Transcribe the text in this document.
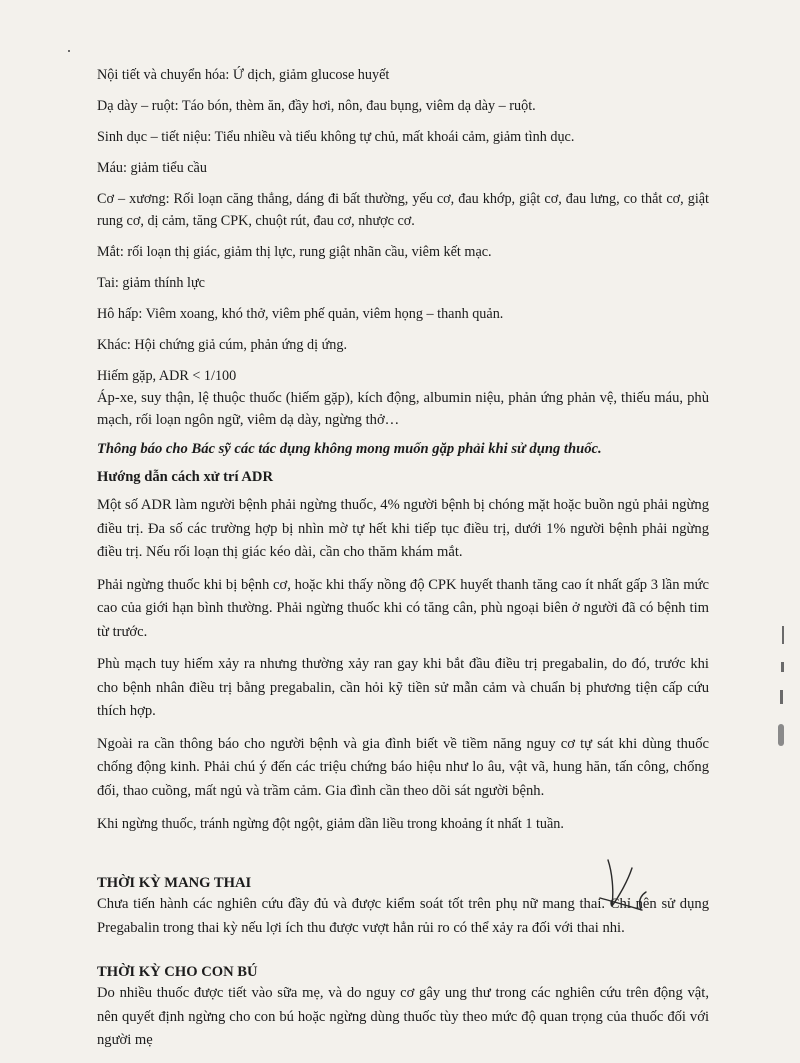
Nội tiết và chuyển hóa: Ứ dịch, giảm glucose huyết

Dạ dày – ruột: Táo bón, thèm ăn, đầy hơi, nôn, đau bụng, viêm dạ dày – ruột.

Sinh dục – tiết niệu: Tiểu nhiều và tiểu không tự chủ, mất khoái cảm, giảm tình dục.

Máu: giảm tiểu cầu

Cơ – xương: Rối loạn căng thẳng, dáng đi bất thường, yếu cơ, đau khớp, giật cơ, đau lưng, co thắt cơ, giật rung cơ, dị cảm, tăng CPK, chuột rút, đau cơ, nhược cơ.

Mắt: rối loạn thị giác, giảm thị lực, rung giật nhãn cầu, viêm kết mạc.

Tai: giảm thính lực

Hô hấp: Viêm xoang, khó thở, viêm phế quản, viêm họng – thanh quản.

Khác: Hội chứng giả cúm, phản ứng dị ứng.

Hiếm gặp, ADR < 1/100

Áp-xe, suy thận, lệ thuộc thuốc (hiếm gặp), kích động, albumin niệu, phản ứng phản vệ, thiếu máu, phù mạch, rối loạn ngôn ngữ, viêm dạ dày, ngừng thở…

Thông báo cho Bác sỹ các tác dụng không mong muốn gặp phải khi sử dụng thuốc.

Hướng dẫn cách xử trí ADR

Một số ADR làm người bệnh phải ngừng thuốc, 4% người bệnh bị chóng mặt hoặc buồn ngủ phải ngừng điều trị. Đa số các trường hợp bị nhìn mờ tự hết khi tiếp tục điều trị, dưới 1% người bệnh phải ngừng điều trị. Nếu rối loạn thị giác kéo dài, cần cho thăm khám mắt.

Phải ngừng thuốc khi bị bệnh cơ, hoặc khi thấy nồng độ CPK huyết thanh tăng cao ít nhất gấp 3 lần mức cao của giới hạn bình thường. Phải ngừng thuốc khi có tăng cân, phù ngoại biên ở người đã có bệnh tim từ trước.

Phù mạch tuy hiếm xảy ra nhưng thường xảy ran gay khi bắt đầu điều trị pregabalin, do đó, trước khi cho bệnh nhân điều trị bằng pregabalin, cần hỏi kỹ tiền sử mẫn cảm và chuẩn bị phương tiện cấp cứu thích hợp.

Ngoài ra cần thông báo cho người bệnh và gia đình biết về tiềm năng nguy cơ tự sát khi dùng thuốc chống động kinh. Phải chú ý đến các triệu chứng báo hiệu như lo âu, vật vã, hung hăn, tấn công, chống đối, thao cuồng, mất ngủ và trầm cảm. Gia đình cần theo dõi sát người bệnh.

Khi ngừng thuốc, tránh ngừng đột ngột, giảm dần liều trong khoảng ít nhất 1 tuần.

THỜI KỲ MANG THAI

Chưa tiến hành các nghiên cứu đầy đủ và được kiểm soát tốt trên phụ nữ mang thai. Chỉ nên sử dụng Pregabalin trong thai kỳ nếu lợi ích thu được vượt hẳn rủi ro có thể xảy ra đối với thai nhi.

THỜI KỲ CHO CON BÚ

Do nhiều thuốc được tiết vào sữa mẹ, và do nguy cơ gây ung thư trong các nghiên cứu trên động vật, nên quyết định ngừng cho con bú hoặc ngừng dùng thuốc tùy theo mức độ quan trọng của thuốc đối với người mẹ
